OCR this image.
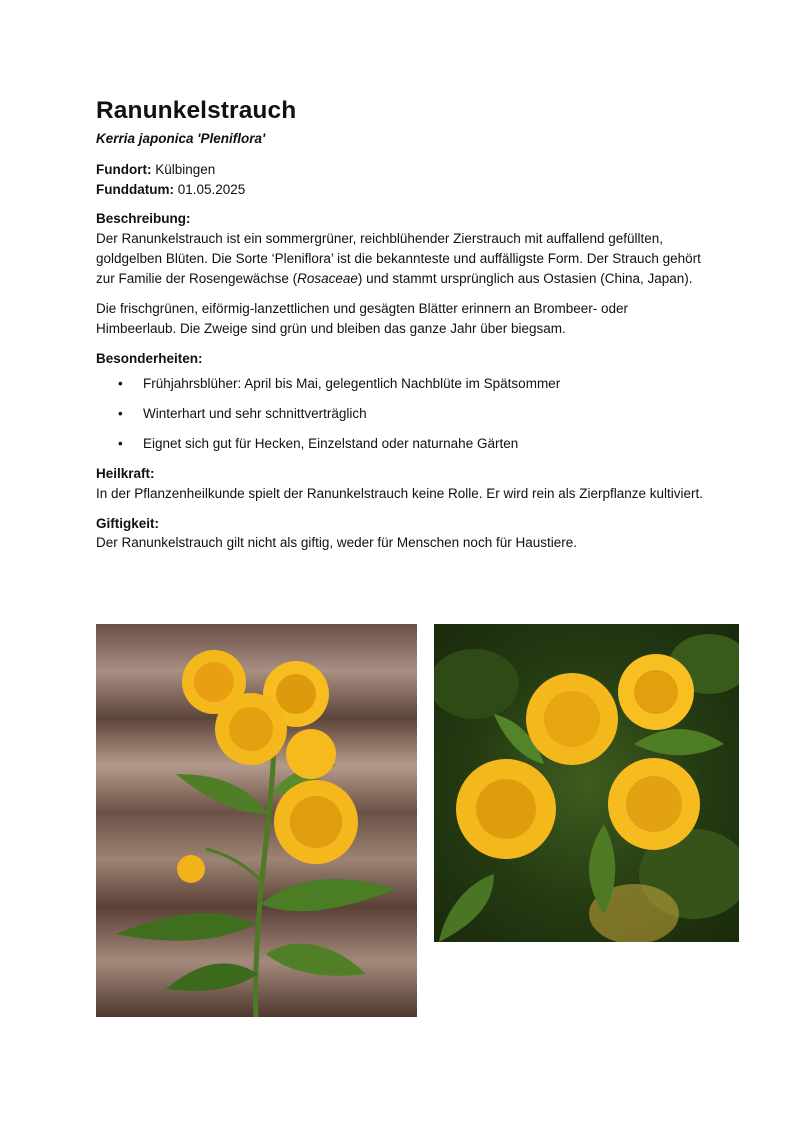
Ranunkelstrauch
Kerria japonica 'Pleniflora'
Fundort: Külbingen
Funddatum: 01.05.2025
Beschreibung:

Der Ranunkelstrauch ist ein sommergrüner, reichblühender Zierstrauch mit auffallend gefüllten, goldgelben Blüten. Die Sorte ‘Pleniflora’ ist die bekannteste und auffälligste Form. Der Strauch gehört zur Familie der Rosengewächse (Rosaceae) und stammt ursprünglich aus Ostasien (China, Japan).

Die frischgrünen, eiförmig-lanzettlichen und gesägten Blätter erinnern an Brombeer- oder Himbeerlaub. Die Zweige sind grün und bleiben das ganze Jahr über biegsam.

Besonderheiten:
• Frühjahrsblüher: April bis Mai, gelegentlich Nachblüte im Spätsommer
• Winterhart und sehr schnittverträglich
• Eignet sich gut für Hecken, Einzelstand oder naturnahe Gärten
Heilkraft:

In der Pflanzenheilkunde spielt der Ranunkelstrauch keine Rolle. Er wird rein als Zierpflanze kultiviert.

Giftigkeit:

Der Ranunkelstrauch gilt nicht als giftig, weder für Menschen noch für Haustiere.
